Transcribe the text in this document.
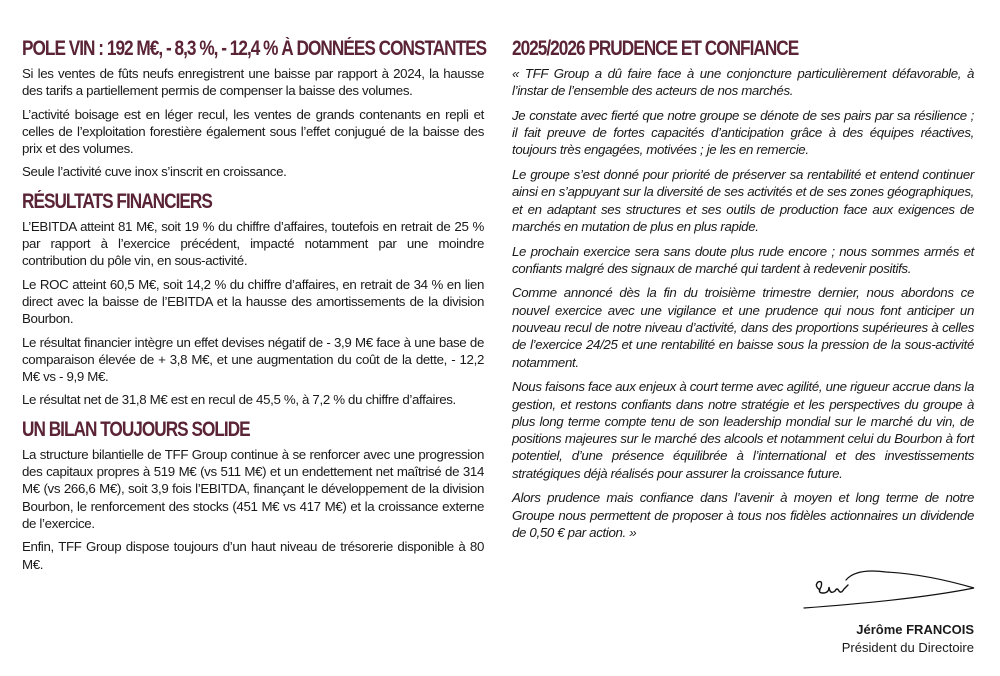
POLE VIN : 192 M€, - 8,3 %, - 12,4 % À DONNÉES CONSTANTES

Si les ventes de fûts neufs enregistrent une baisse par rapport à 2024, la hausse des tarifs a partiellement permis de compenser la baisse des volumes.

L’activité boisage est en léger recul, les ventes de grands contenants en repli et celles de l’exploitation forestière également sous l’effet conjugué de la baisse des prix et des volumes.

Seule l’activité cuve inox s’inscrit en croissance.

RÉSULTATS FINANCIERS

L’EBITDA atteint 81 M€, soit 19 % du chiffre d’affaires, toutefois en retrait de 25 % par rapport à l’exercice précédent, impacté notamment par une moindre contribution du pôle vin, en sous-activité.

Le ROC atteint 60,5 M€, soit 14,2 % du chiffre d’affaires, en retrait de 34 % en lien direct avec la baisse de l’EBITDA et la hausse des amortissements de la division Bourbon.

Le résultat financier intègre un effet devises négatif de - 3,9 M€ face à une base de comparaison élevée de + 3,8 M€, et une augmentation du coût de la dette, - 12,2 M€ vs - 9,9 M€.

Le résultat net de 31,8 M€ est en recul de 45,5 %, à 7,2 % du chiffre d’affaires.

UN BILAN TOUJOURS SOLIDE

La structure bilantielle de TFF Group continue à se renforcer avec une progression des capitaux propres à 519 M€ (vs 511 M€) et un endettement net maîtrisé de 314 M€ (vs 266,6 M€), soit 3,9 fois l’EBITDA, finançant le développement de la division Bourbon, le renforcement des stocks (451 M€ vs 417 M€) et la croissance externe de l’exercice.

Enfin, TFF Group dispose toujours d’un haut niveau de trésorerie disponible à 80 M€.

2025/2026 PRUDENCE ET CONFIANCE

« TFF Group a dû faire face à une conjoncture particulièrement défavorable, à l’instar de l’ensemble des acteurs de nos marchés.

Je constate avec fierté que notre groupe se dénote de ses pairs par sa résilience ; il fait preuve de fortes capacités d’anticipation grâce à des équipes réactives, toujours très engagées, motivées ; je les en remercie.

Le groupe s’est donné pour priorité de préserver sa rentabilité et entend continuer ainsi en s’appuyant sur la diversité de ses activités et de ses zones géographiques, et en adaptant ses structures et ses outils de production face aux exigences de marchés en mutation de plus en plus rapide.

Le prochain exercice sera sans doute plus rude encore ; nous sommes armés et confiants malgré des signaux de marché qui tardent à redevenir positifs.

Comme annoncé dès la fin du troisième trimestre dernier, nous abordons ce nouvel exercice avec une vigilance et une prudence qui nous font anticiper un nouveau recul de notre niveau d’activité, dans des proportions supérieures à celles de l’exercice 24/25 et une rentabilité en baisse sous la pression de la sous-activité notamment.

Nous faisons face aux enjeux à court terme avec agilité, une rigueur accrue dans la gestion, et restons confiants dans notre stratégie et les perspectives du groupe à plus long terme compte tenu de son leadership mondial sur le marché du vin, de positions majeures sur le marché des alcools et notamment celui du Bourbon à fort potentiel, d’une présence équilibrée à l’international et des investissements stratégiques déjà réalisés pour assurer la croissance future.

Alors prudence mais confiance dans l’avenir à moyen et long terme de notre Groupe nous permettent de proposer à tous nos fidèles actionnaires un dividende de 0,50 € par action. »

Jérôme FRANCOIS
Président du Directoire
